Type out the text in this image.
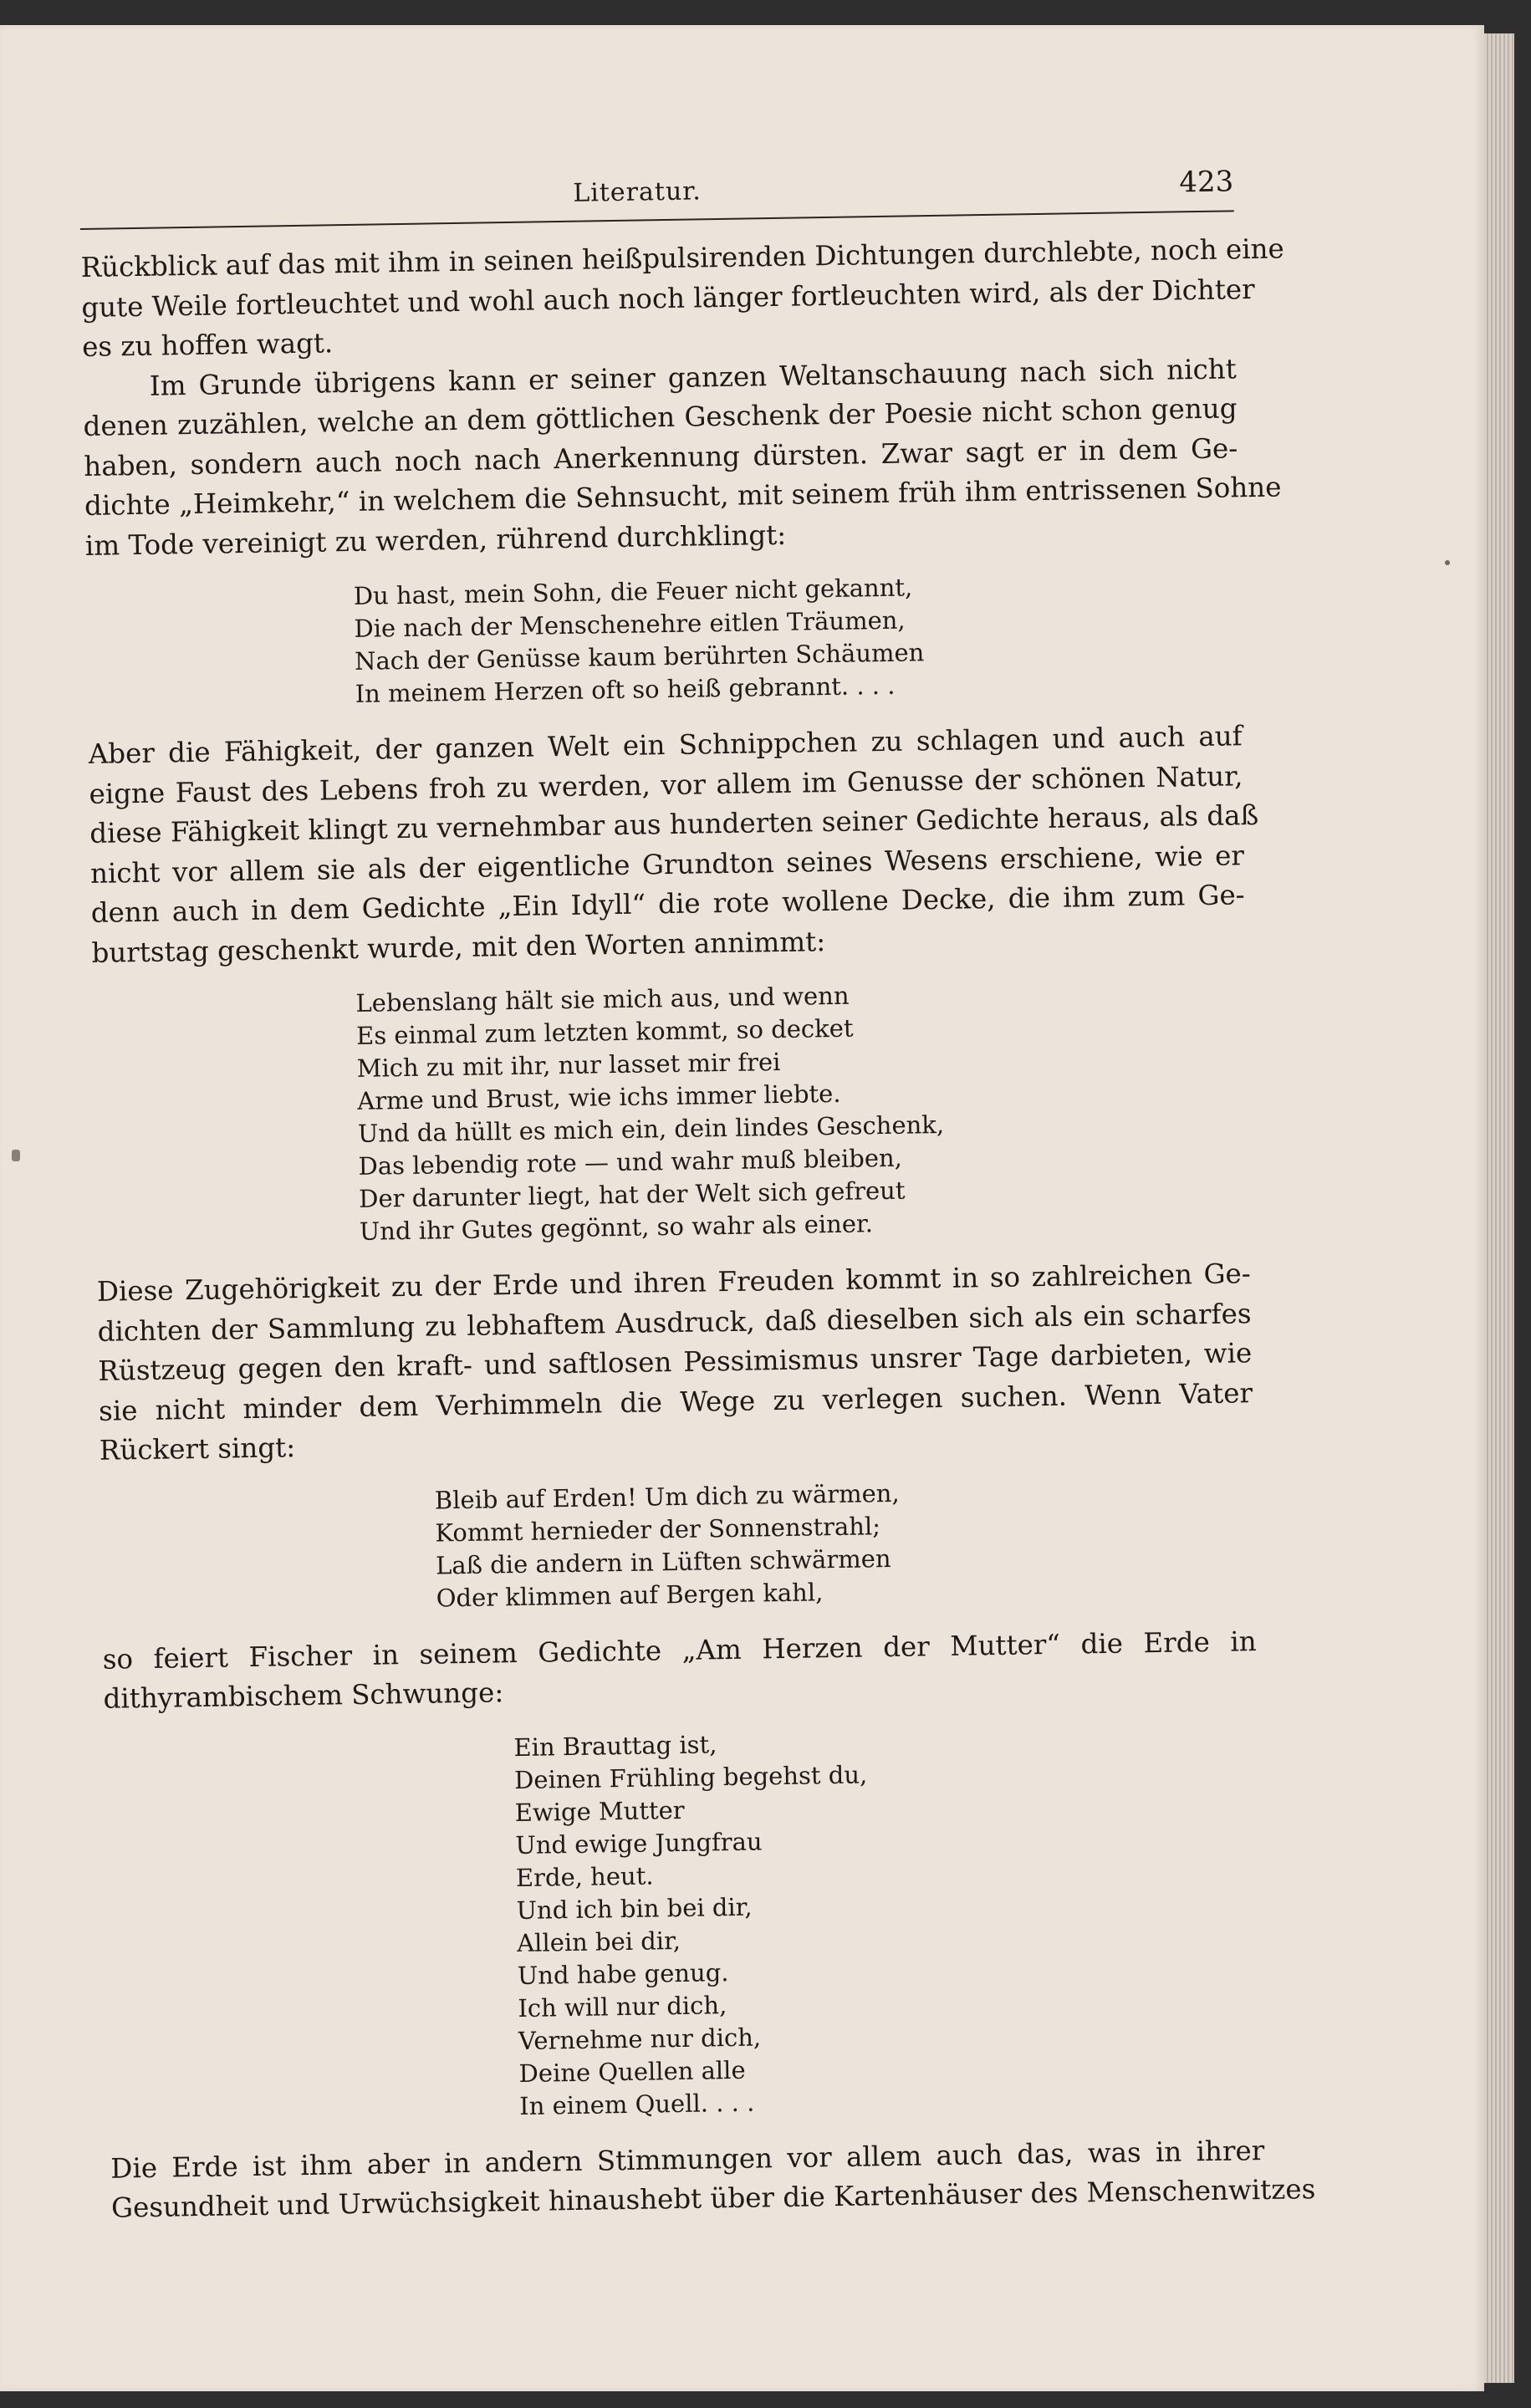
Literatur.	423

Rückblick auf das mit ihm in seinen heißpulsirenden Dichtungen durchlebte, noch eine
gute Weile fortleuchtet und wohl auch noch länger fortleuchten wird, als der Dichter
es zu hoffen wagt.

Im Grunde übrigens kann er seiner ganzen Weltanschauung nach sich nicht
denen zuzählen, welche an dem göttlichen Geschenk der Poesie nicht schon genug
haben, sondern auch noch nach Anerkennung dürsten. Zwar sagt er in dem Ge-
dichte „Heimkehr,“ in welchem die Sehnsucht, mit seinem früh ihm entrissenen Sohne
im Tode vereinigt zu werden, rührend durchklingt:

Du hast, mein Sohn, die Feuer nicht gekannt,
Die nach der Menschenehre eitlen Träumen,
Nach der Genüsse kaum berührten Schäumen
In meinem Herzen oft so heiß gebrannt. . . .

Aber die Fähigkeit, der ganzen Welt ein Schnippchen zu schlagen und auch auf
eigne Faust des Lebens froh zu werden, vor allem im Genusse der schönen Natur,
diese Fähigkeit klingt zu vernehmbar aus hunderten seiner Gedichte heraus, als daß
nicht vor allem sie als der eigentliche Grundton seines Wesens erschiene, wie er
denn auch in dem Gedichte „Ein Idyll“ die rote wollene Decke, die ihm zum Ge-
burtstag geschenkt wurde, mit den Worten annimmt:

Lebenslang hält sie mich aus, und wenn
Es einmal zum letzten kommt, so decket
Mich zu mit ihr, nur lasset mir frei
Arme und Brust, wie ichs immer liebte.
Und da hüllt es mich ein, dein lindes Geschenk,
Das lebendig rote — und wahr muß bleiben,
Der darunter liegt, hat der Welt sich gefreut
Und ihr Gutes gegönnt, so wahr als einer.

Diese Zugehörigkeit zu der Erde und ihren Freuden kommt in so zahlreichen Ge-
dichten der Sammlung zu lebhaftem Ausdruck, daß dieselben sich als ein scharfes
Rüstzeug gegen den kraft- und saftlosen Pessimismus unsrer Tage darbieten, wie
sie nicht minder dem Verhimmeln die Wege zu verlegen suchen. Wenn Vater
Rückert singt:

Bleib auf Erden! Um dich zu wärmen,
Kommt hernieder der Sonnenstrahl;
Laß die andern in Lüften schwärmen
Oder klimmen auf Bergen kahl,

so feiert Fischer in seinem Gedichte „Am Herzen der Mutter“ die Erde in
dithyrambischem Schwunge:

Ein Brauttag ist,
Deinen Frühling begehst du,
Ewige Mutter
Und ewige Jungfrau
Erde, heut.
Und ich bin bei dir,
Allein bei dir,
Und habe genug.
Ich will nur dich,
Vernehme nur dich,
Deine Quellen alle
In einem Quell. . . .

Die Erde ist ihm aber in andern Stimmungen vor allem auch das, was in ihrer
Gesundheit und Urwüchsigkeit hinaushebt über die Kartenhäuser des Menschenwitzes
